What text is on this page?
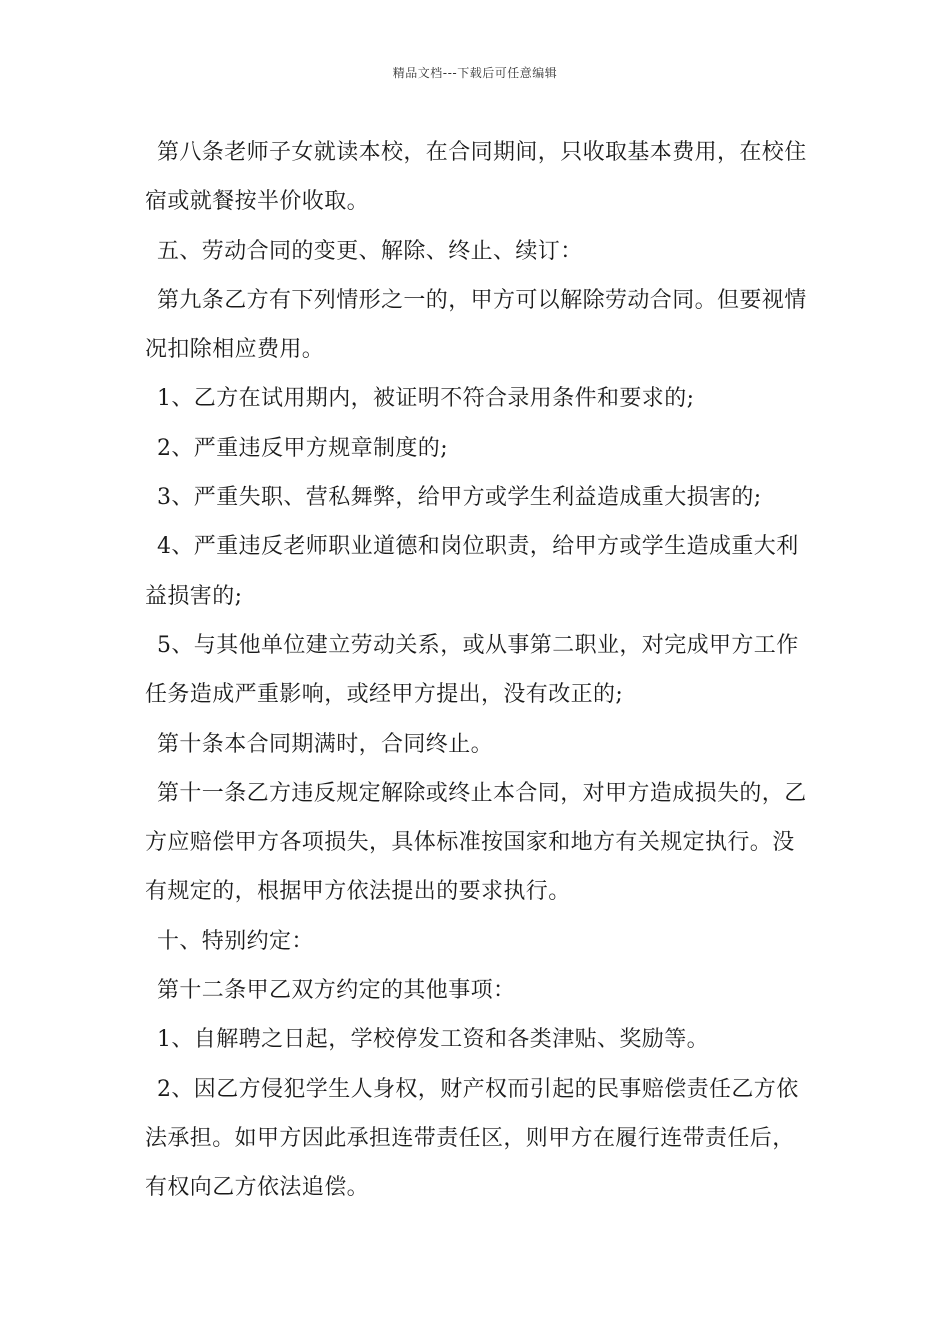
精品文档---下载后可任意编辑

第八条老师子女就读本校，在合同期间，只收取基本费用，在校住宿或就餐按半价收取。

五、劳动合同的变更、解除、终止、续订：

第九条乙方有下列情形之一的，甲方可以解除劳动合同。但要视情况扣除相应费用。

1、乙方在试用期内，被证明不符合录用条件和要求的;

2、严重违反甲方规章制度的;

3、严重失职、营私舞弊，给甲方或学生利益造成重大损害的;

4、严重违反老师职业道德和岗位职责，给甲方或学生造成重大利益损害的;

5、与其他单位建立劳动关系，或从事第二职业，对完成甲方工作任务造成严重影响，或经甲方提出，没有改正的;

第十条本合同期满时，合同终止。

第十一条乙方违反规定解除或终止本合同，对甲方造成损失的，乙方应赔偿甲方各项损失，具体标准按国家和地方有关规定执行。没有规定的，根据甲方依法提出的要求执行。

十、特别约定：

第十二条甲乙双方约定的其他事项：

1、自解聘之日起，学校停发工资和各类津贴、奖励等。

2、因乙方侵犯学生人身权，财产权而引起的民事赔偿责任乙方依法承担。如甲方因此承担连带责任区，则甲方在履行连带责任后，有权向乙方依法追偿。
